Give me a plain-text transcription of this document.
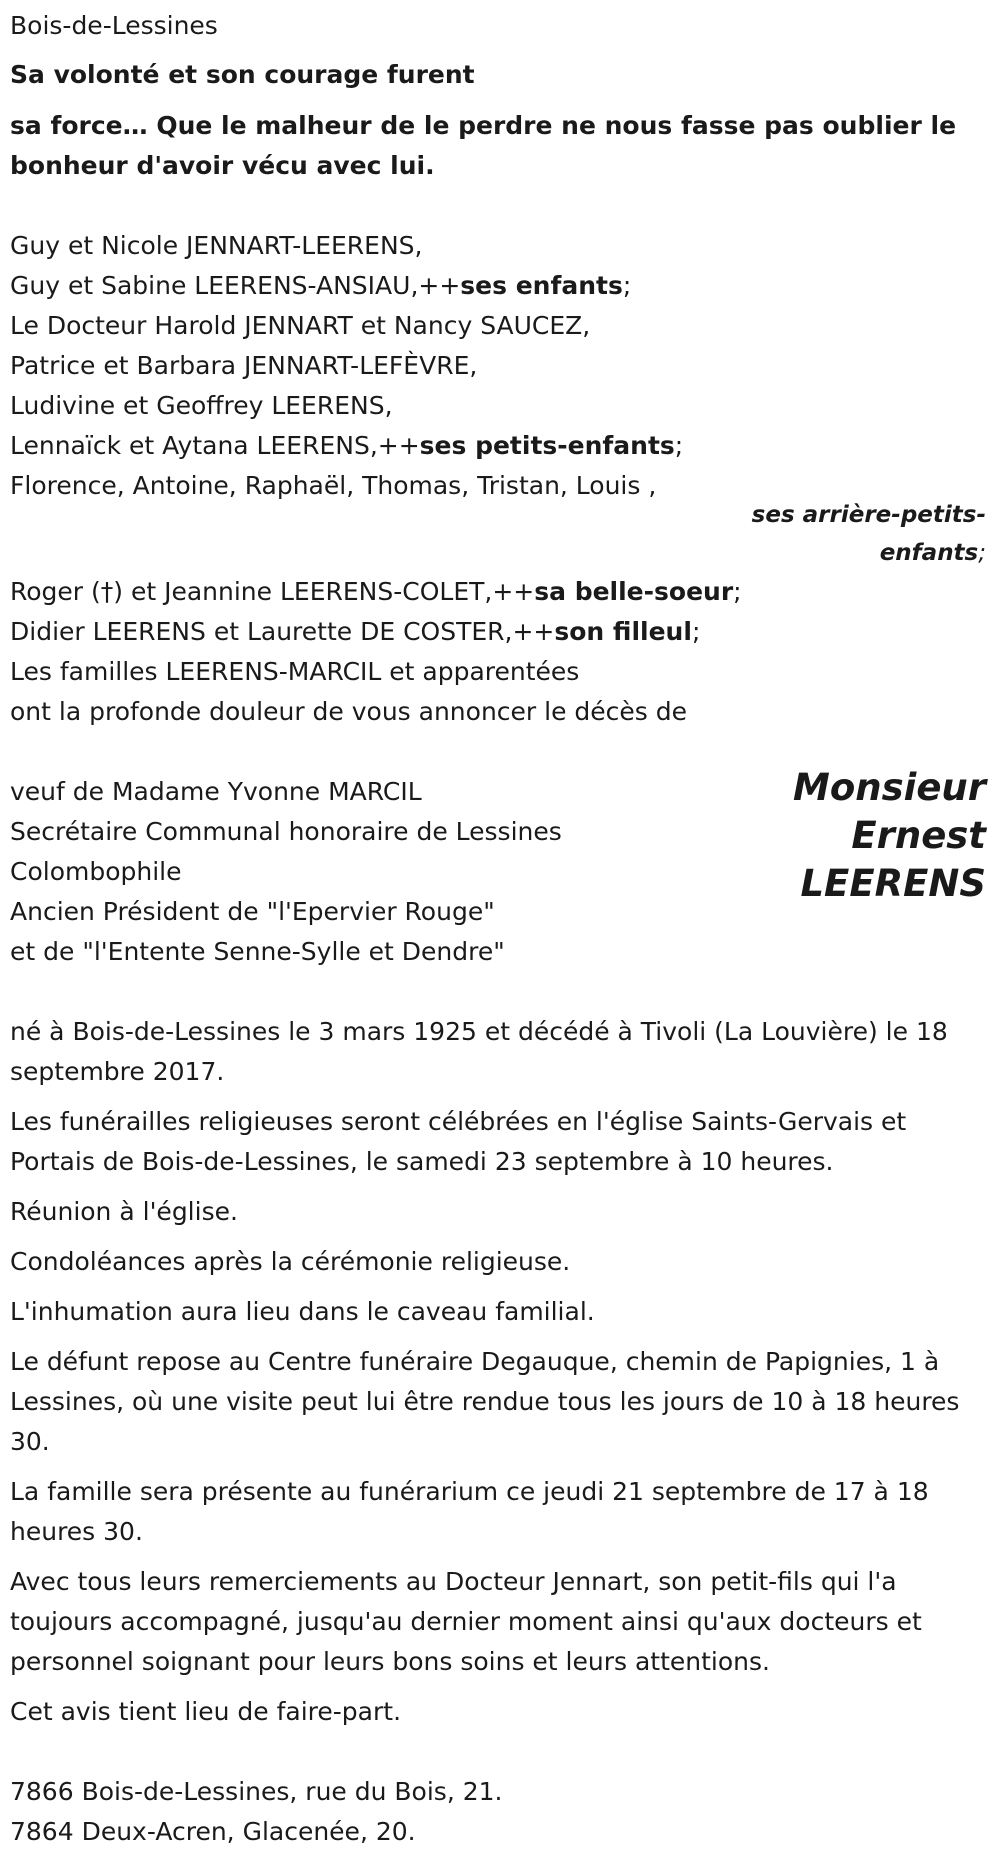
Bois-de-Lessines

Sa volonté et son courage furent

sa force… Que le malheur de le perdre ne nous fasse pas oublier le bonheur d'avoir vécu avec lui.

Guy et Nicole JENNART-LEERENS,

Guy et Sabine LEERENS-ANSIAU,++ses enfants;

Le Docteur Harold JENNART et Nancy SAUCEZ,

Patrice et Barbara JENNART-LEFÈVRE,

Ludivine et Geoffrey LEERENS,

Lennaïck et Aytana LEERENS,++ses petits-enfants;

Florence, Antoine, Raphaël, Thomas, Tristan, Louis ,

ses arrière-petits-
enfants;

Roger (†) et Jeannine LEERENS-COLET,++sa belle-soeur;

Didier LEERENS et Laurette DE COSTER,++son filleul;

Les familles LEERENS-MARCIL et apparentées

ont la profonde douleur de vous annoncer le décès de

veuf de Madame Yvonne MARCIL

Secrétaire Communal honoraire de Lessines

Colombophile

Ancien Président de "l'Epervier Rouge"

et de "l'Entente Senne-Sylle et Dendre"

Monsieur
Ernest
LEERENS

né à Bois-de-Lessines le 3 mars 1925 et décédé à Tivoli (La Louvière) le 18 septembre 2017.

Les funérailles religieuses seront célébrées en l'église Saints-Gervais et Portais de Bois-de-Lessines, le samedi 23 septembre à 10 heures.

Réunion à l'église.

Condoléances après la cérémonie religieuse.

L'inhumation aura lieu dans le caveau familial.

Le défunt repose au Centre funéraire Degauque, chemin de Papignies, 1 à Lessines, où une visite peut lui être rendue tous les jours de 10 à 18 heures 30.

La famille sera présente au funérarium ce jeudi 21 septembre de 17 à 18 heures 30.

Avec tous leurs remerciements au Docteur Jennart, son petit-fils qui l'a toujours accompagné, jusqu'au dernier moment ainsi qu'aux docteurs et personnel soignant pour leurs bons soins et leurs attentions.

Cet avis tient lieu de faire-part.

7866 Bois-de-Lessines, rue du Bois, 21.

7864 Deux-Acren, Glacenée, 20.
